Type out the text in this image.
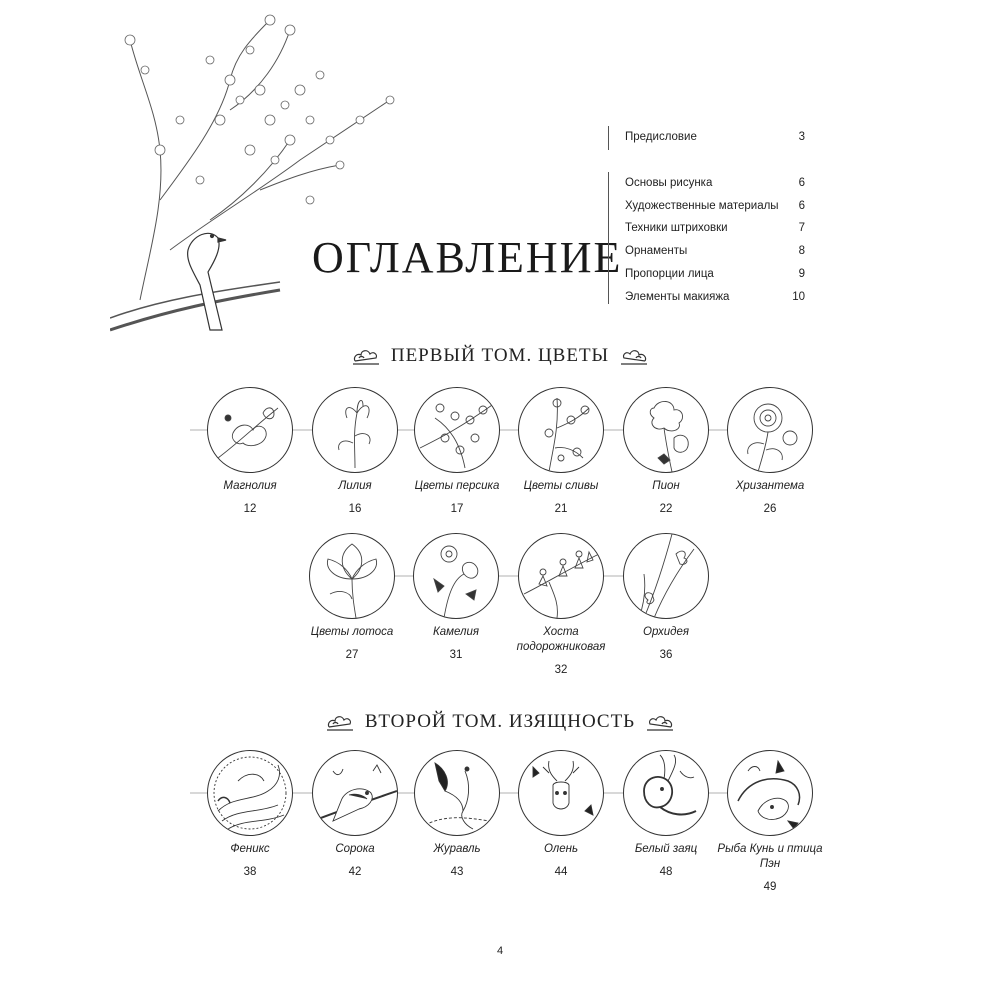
ОГЛАВЛЕНИЕ
Предисловие	3
Основы рисунка	6
Художественные материалы 6
Техники штриховки	7
Орнаменты	8
Пропорции лица	9
Элементы макияжа	10
ПЕРВЫЙ ТОМ. ЦВЕТЫ
Магнолия
12
Лилия
16
Цветы персика
17
Цветы сливы
21
Пион
22
Хризантема
26
Цветы лотоса
27
Камелия
31
Хоста подорожниковая
32
Орхидея
36
ВТОРОЙ ТОМ. ИЗЯЩНОСТЬ
Феникс
38
Сорока
42
Журавль
43
Олень
44
Белый заяц
48
Рыба Кунь и птица Пэн
49
4
